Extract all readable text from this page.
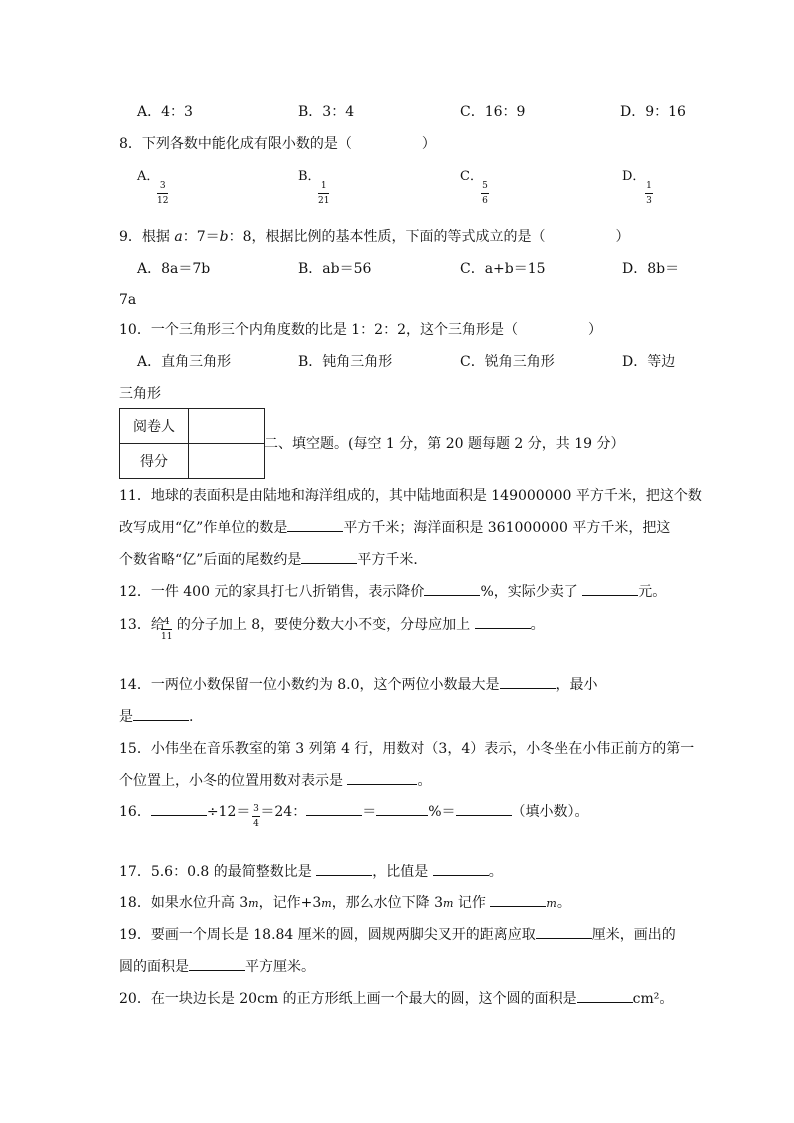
A．4：3	B．3：4	C．16：9	D．9：16
8．下列各数中能化成有限小数的是（　　　　　）
A．
3
12
B．
1
21
C．
5
6
D．
1
3
9．根据 a：7＝b：8，根据比例的基本性质，下面的等式成立的是（　　　　　）
A．8a＝7b	B．ab＝56	C．a+b＝15	D．8b＝
7a
10．一个三角形三个内角度数的比是 1：2：2，这个三角形是（　　　　　）
A．直角三角形	B．钝角三角形	C．锐角三角形	D．等边
三角形
阅卷人	
得分	
二、填空题。(每空 1 分，第 20 题每题 2 分，共 19 分）
11．地球的表面积是由陆地和海洋组成的，其中陆地面积是 149000000 平方千米，把这个数
改写成用“亿”作单位的数是	平方千米；海洋面积是 361000000 平方千米，把这
个数省略“亿”后面的尾数约是	平方千米．
12．一件 400 元的家具打七八折销售，表示降价	%，实际少卖了	元。
13．给 的分子加上 8，要使分数大小不变，分母应加上	。
4
11
14．一两位小数保留一位小数约为 8.0，这个两位小数最大是	，最小
是	.
15．小伟坐在音乐教室的第 3 列第 4 行，用数对（3，4）表示，小冬坐在小伟正前方的第一
个位置上，小冬的位置用数对表示是	。
16．	÷12＝ ＝24：	＝	%＝	（填小数）。
3
4
17．5.6：0.8 的最简整数比是	，比值是	。
18．如果水位升高 3m，记作+3m，那么水位下降 3m 记作	m。
19．要画一个周长是 18.84 厘米的圆，圆规两脚尖叉开的距离应取	厘米，画出的
圆的面积是	平方厘米。
20．在一块边长是 20cm 的正方形纸上画一个最大的圆，这个圆的面积是	cm²。
